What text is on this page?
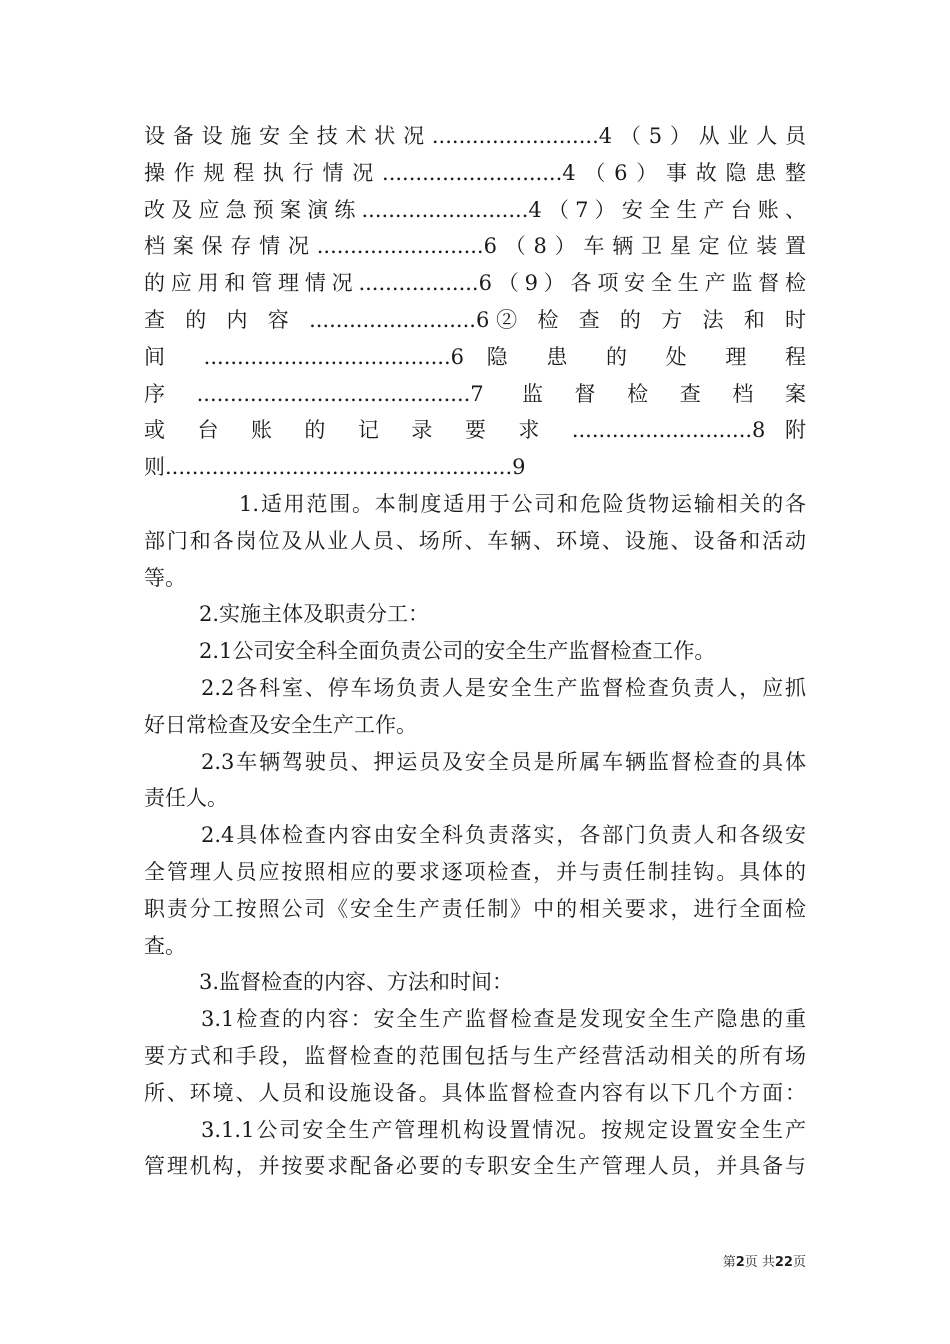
设备设施安全技术状况.........................4（5）从业人员
操作规程执行情况...........................4（6）事故隐患整
改及应急预案演练.........................4（7）安全生产台账、
档案保存情况.........................6（8）车辆卫星定位装置
的应用和管理情况..................6（9）各项安全生产监督检
查 的 内 容 .........................6② 检 查 的 方 法 和 时
间 .....................................6 隐 患 的 处 理 程
序.........................................7 监督检查档案
或 台 账 的 记 录 要 求 ...........................8 附
则....................................................9
1.适用范围。本制度适用于公司和危险货物运输相关的各
部门和各岗位及从业人员、场所、车辆、环境、设施、设备和活动
等。
2.实施主体及职责分工：
2.1公司安全科全面负责公司的安全生产监督检查工作。
2.2各科室、停车场负责人是安全生产监督检查负责人，应抓
好日常检查及安全生产工作。
2.3车辆驾驶员、押运员及安全员是所属车辆监督检查的具体
责任人。
2.4具体检查内容由安全科负责落实，各部门负责人和各级安
全管理人员应按照相应的要求逐项检查，并与责任制挂钩。具体的
职责分工按照公司《安全生产责任制》中的相关要求，进行全面检
查。
3.监督检查的内容、方法和时间：
3.1检查的内容：安全生产监督检查是发现安全生产隐患的重
要方式和手段，监督检查的范围包括与生产经营活动相关的所有场
所、环境、人员和设施设备。具体监督检查内容有以下几个方面：
3.1.1公司安全生产管理机构设置情况。按规定设置安全生产
管理机构，并按要求配备必要的专职安全生产管理人员，并具备与
第2页 共22页
